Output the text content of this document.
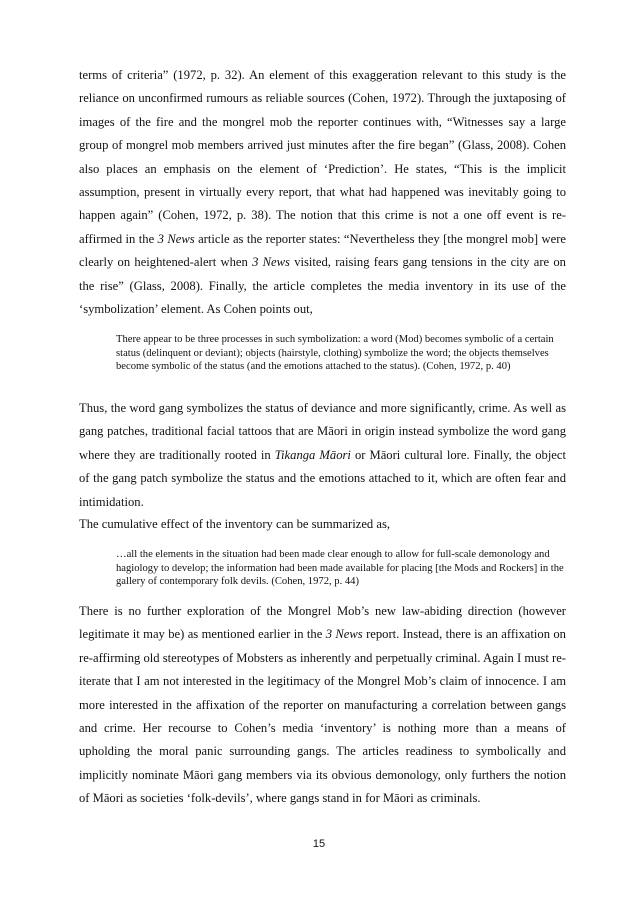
terms of criteria” (1972, p. 32). An element of this exaggeration relevant to this study is the reliance on unconfirmed rumours as reliable sources (Cohen, 1972). Through the juxtaposing of images of the fire and the mongrel mob the reporter continues with, “Witnesses say a large group of mongrel mob members arrived just minutes after the fire began” (Glass, 2008). Cohen also places an emphasis on the element of ‘Prediction’. He states, “This is the implicit assumption, present in virtually every report, that what had happened was inevitably going to happen again” (Cohen, 1972, p. 38). The notion that this crime is not a one off event is re-affirmed in the 3 News article as the reporter states: “Nevertheless they [the mongrel mob] were clearly on heightened-alert when 3 News visited, raising fears gang tensions in the city are on the rise” (Glass, 2008). Finally, the article completes the media inventory in its use of the ‘symbolization’ element. As Cohen points out,

There appear to be three processes in such symbolization: a word (Mod) becomes symbolic of a certain status (delinquent or deviant); objects (hairstyle, clothing) symbolize the word; the objects themselves become symbolic of the status (and the emotions attached to the status). (Cohen, 1972, p. 40)

Thus, the word gang symbolizes the status of deviance and more significantly, crime. As well as gang patches, traditional facial tattoos that are Māori in origin instead symbolize the word gang where they are traditionally rooted in Tikanga Māori or Māori cultural lore. Finally, the object of the gang patch symbolize the status and the emotions attached to it, which are often fear and intimidation.

The cumulative effect of the inventory can be summarized as,

…all the elements in the situation had been made clear enough to allow for full-scale demonology and hagiology to develop; the information had been made available for placing [the Mods and Rockers] in the gallery of contemporary folk devils. (Cohen, 1972, p. 44)

There is no further exploration of the Mongrel Mob’s new law-abiding direction (however legitimate it may be) as mentioned earlier in the 3 News report. Instead, there is an affixation on re-affirming old stereotypes of Mobsters as inherently and perpetually criminal. Again I must re-iterate that I am not interested in the legitimacy of the Mongrel Mob’s claim of innocence. I am more interested in the affixation of the reporter on manufacturing a correlation between gangs and crime. Her recourse to Cohen’s media ‘inventory’ is nothing more than a means of upholding the moral panic surrounding gangs. The articles readiness to symbolically and implicitly nominate Māori gang members via its obvious demonology, only furthers the notion of Māori as societies ‘folk-devils’, where gangs stand in for Māori as criminals.

15
